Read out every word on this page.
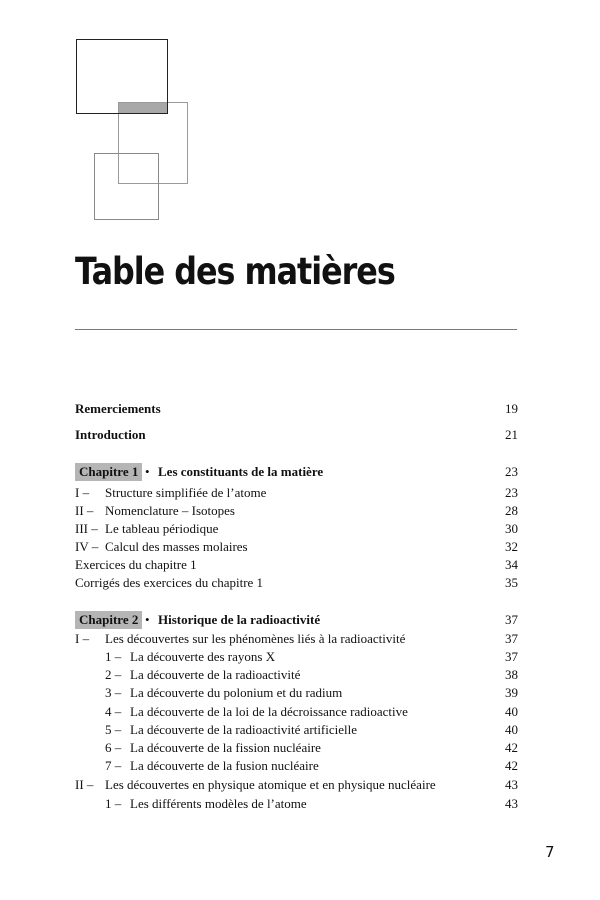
Table des matières
Remerciements	19
Introduction	21
Chapitre 1 • Les constituants de la matière	23
I – Structure simplifiée de l’atome	23
II – Nomenclature – Isotopes	28
III – Le tableau périodique	30
IV – Calcul des masses molaires	32
Exercices du chapitre 1	34
Corrigés des exercices du chapitre 1	35
Chapitre 2 • Historique de la radioactivité	37
I – Les découvertes sur les phénomènes liés à la radioactivité	37
1 – La découverte des rayons X	37
2 – La découverte de la radioactivité	38
3 – La découverte du polonium et du radium	39
4 – La découverte de la loi de la décroissance radioactive	40
5 – La découverte de la radioactivité artificielle	40
6 – La découverte de la fission nucléaire	42
7 – La découverte de la fusion nucléaire	42
II – Les découvertes en physique atomique et en physique nucléaire	43
1 – Les différents modèles de l’atome	43
7
